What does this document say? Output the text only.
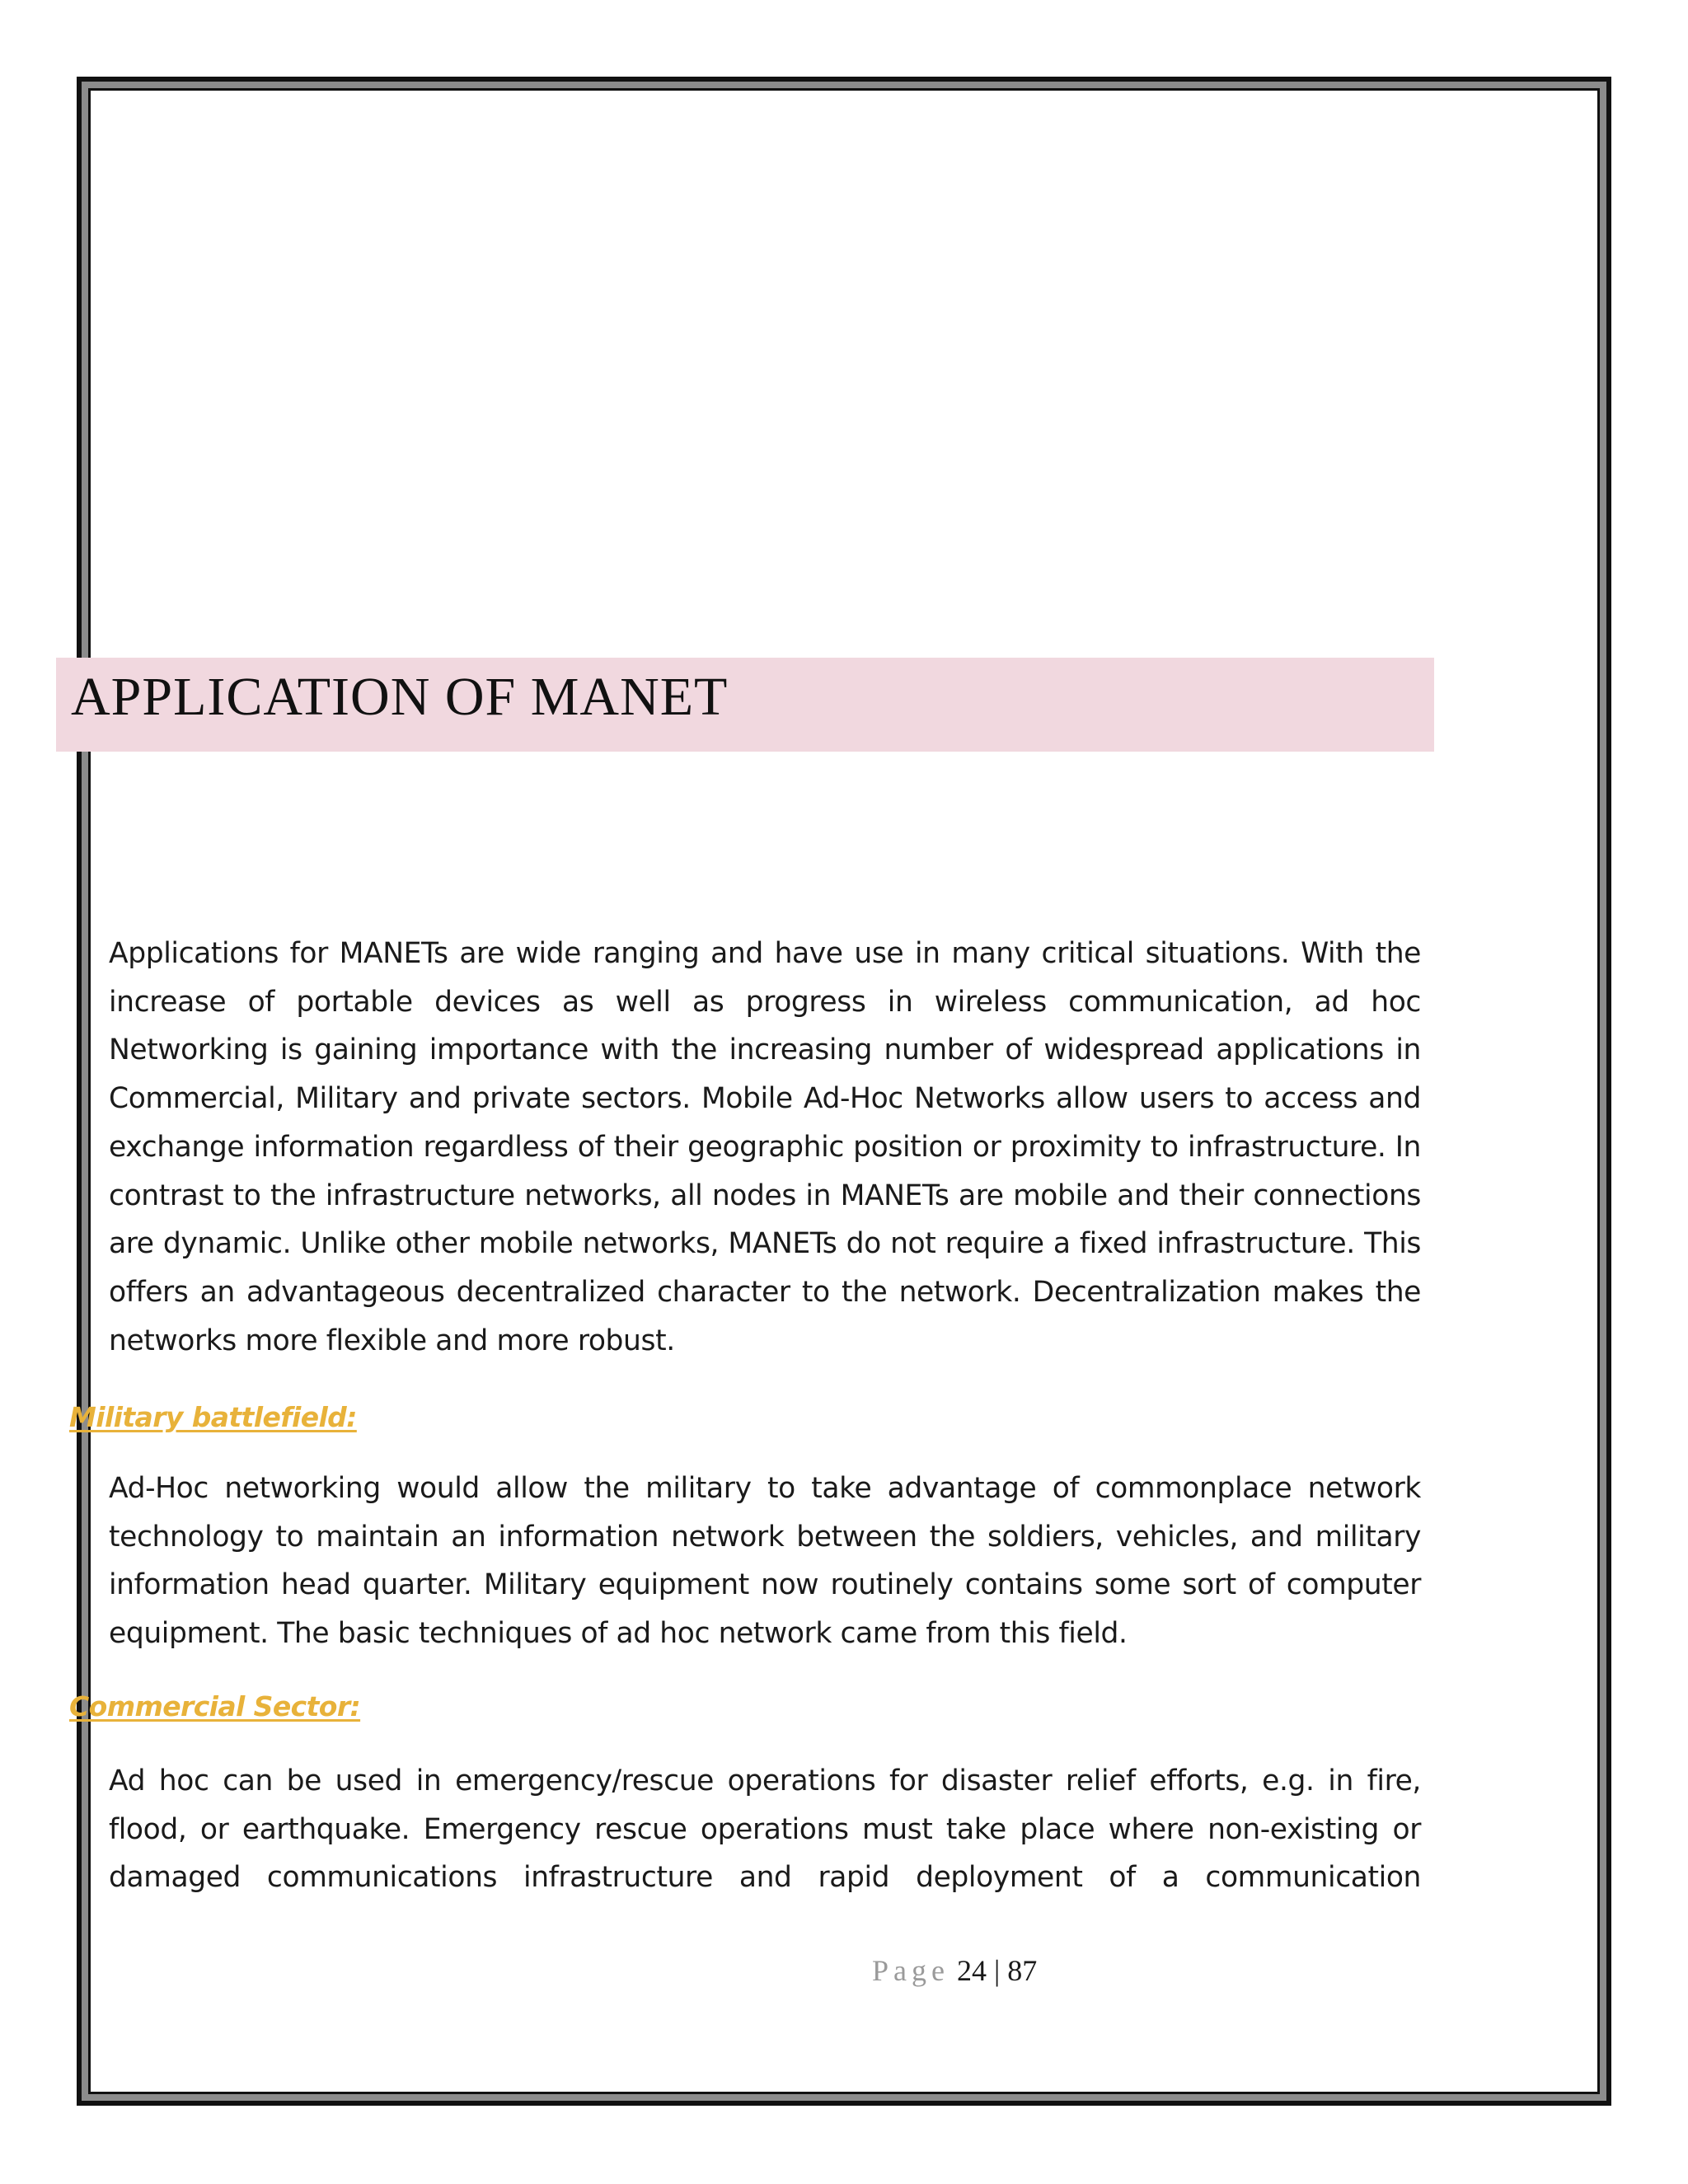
APPLICATION OF MANET
Applications for MANETs are wide ranging and have use in many critical situations. With the increase of portable devices as well as progress in wireless communication, ad hoc Networking is gaining importance with the increasing number of widespread applications in Commercial, Military and private sectors. Mobile Ad-Hoc Networks allow users to access and exchange information regardless of their geographic position or proximity to infrastructure. In contrast to the infrastructure networks, all nodes in MANETs are mobile and their connections are dynamic. Unlike other mobile networks, MANETs do not require a fixed infrastructure. This offers an advantageous decentralized character to the network. Decentralization makes the networks more flexible and more robust.
Military battlefield:
Ad-Hoc networking would allow the military to take advantage of commonplace network technology to maintain an information network between the soldiers, vehicles, and military information head quarter. Military equipment now routinely contains some sort of computer equipment. The basic techniques of ad hoc network came from this field.
Commercial Sector:
Ad hoc can be used in emergency/rescue operations for disaster relief efforts, e.g. in fire, flood, or earthquake. Emergency rescue operations must take place where non-existing or damaged communications infrastructure and rapid deployment of a communication
Page 24 | 87
